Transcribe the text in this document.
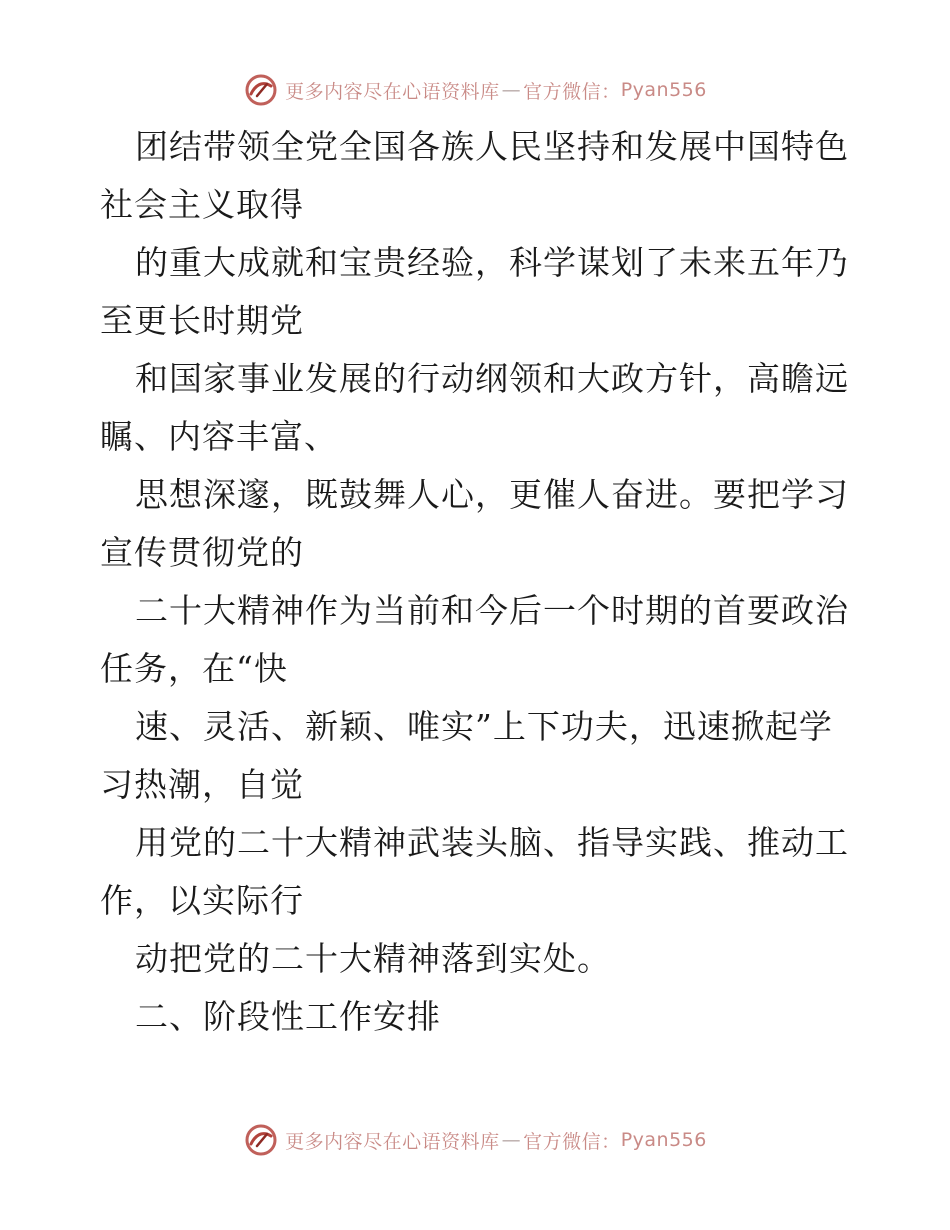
更多内容尽在心语资料库 — 官方微信： Pyan556

团结带领全党全国各族人民坚持和发展中国特色社会主义取得

的重大成就和宝贵经验，科学谋划了未来五年乃至更长时期党

和国家事业发展的行动纲领和大政方针，高瞻远瞩、内容丰富、

思想深邃，既鼓舞人心，更催人奋进。要把学习宣传贯彻党的

二十大精神作为当前和今后一个时期的首要政治任务，在“快

速、灵活、新颖、唯实”上下功夫，迅速掀起学习热潮，自觉

用党的二十大精神武装头脑、指导实践、推动工作，以实际行

动把党的二十大精神落到实处。

二、阶段性工作安排

更多内容尽在心语资料库 — 官方微信： Pyan556
